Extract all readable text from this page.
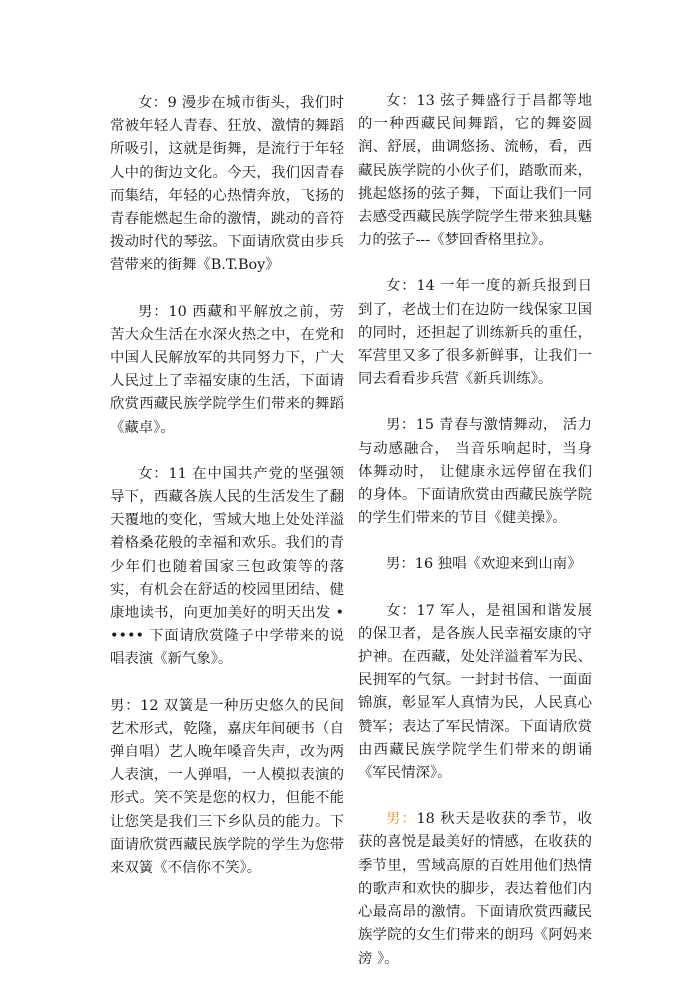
女：9 漫步在城市街头，我们时常被年轻人青春、狂放、激情的舞蹈所吸引，这就是街舞，是流行于年轻人中的街边文化。今天，我们因青春而集结，年轻的心热情奔放，飞扬的青春能燃起生命的激情，跳动的音符拨动时代的琴弦。下面请欣赏由步兵营带来的街舞《B.T.Boy》

男：10 西藏和平解放之前，劳苦大众生活在水深火热之中，在党和中国人民解放军的共同努力下，广大人民过上了幸福安康的生活，下面请欣赏西藏民族学院学生们带来的舞蹈《藏卓》。

女：11 在中国共产党的坚强领导下，西藏各族人民的生活发生了翻天覆地的变化，雪域大地上处处洋溢着格桑花般的幸福和欢乐。我们的青少年们也随着国家三包政策等的落实，有机会在舒适的校园里团结、健康地读书，向更加美好的明天出发 ••••• 下面请欣赏隆子中学带来的说唱表演《新气象》。

男：12 双簧是一种历史悠久的民间艺术形式，乾隆，嘉庆年间硬书（自弹自唱）艺人晚年嗓音失声，改为两人表演，一人弹唱，一人模拟表演的形式。笑不笑是您的权力，但能不能让您笑是我们三下乡队员的能力。下面请欣赏西藏民族学院的学生为您带来双簧《不信你不笑》。

女：13 弦子舞盛行于昌都等地的一种西藏民间舞蹈，它的舞姿圆润、舒展，曲调悠扬、流畅，看，西藏民族学院的小伙子们，踏歌而来，挑起悠扬的弦子舞，下面让我们一同去感受西藏民族学院学生带来独具魅力的弦子---《梦回香格里拉》。

女：14 一年一度的新兵报到日到了，老战士们在边防一线保家卫国的同时，还担起了训练新兵的重任，军营里又多了很多新鲜事，让我们一同去看看步兵营《新兵训练》。

男：15 青春与激情舞动， 活力与动感融合， 当音乐响起时，当身体舞动时， 让健康永远停留在我们的身体。下面请欣赏由西藏民族学院的学生们带来的节目《健美操》。

男：16 独唱《欢迎来到山南》

女：17 军人，是祖国和谐发展的保卫者，是各族人民幸福安康的守护神。在西藏，处处洋溢着军为民、民拥军的气氛。一封封书信、一面面锦旗，彰显军人真情为民，人民真心赞军；表达了军民情深。下面请欣赏由西藏民族学院学生们带来的朗诵《军民情深》。

男：18 秋天是收获的季节，收获的喜悦是最美好的情感，在收获的季节里，雪域高原的百姓用他们热情的歌声和欢快的脚步，表达着他们内心最高昂的激情。下面请欣赏西藏民族学院的女生们带来的朗玛《阿妈来滂 》。
